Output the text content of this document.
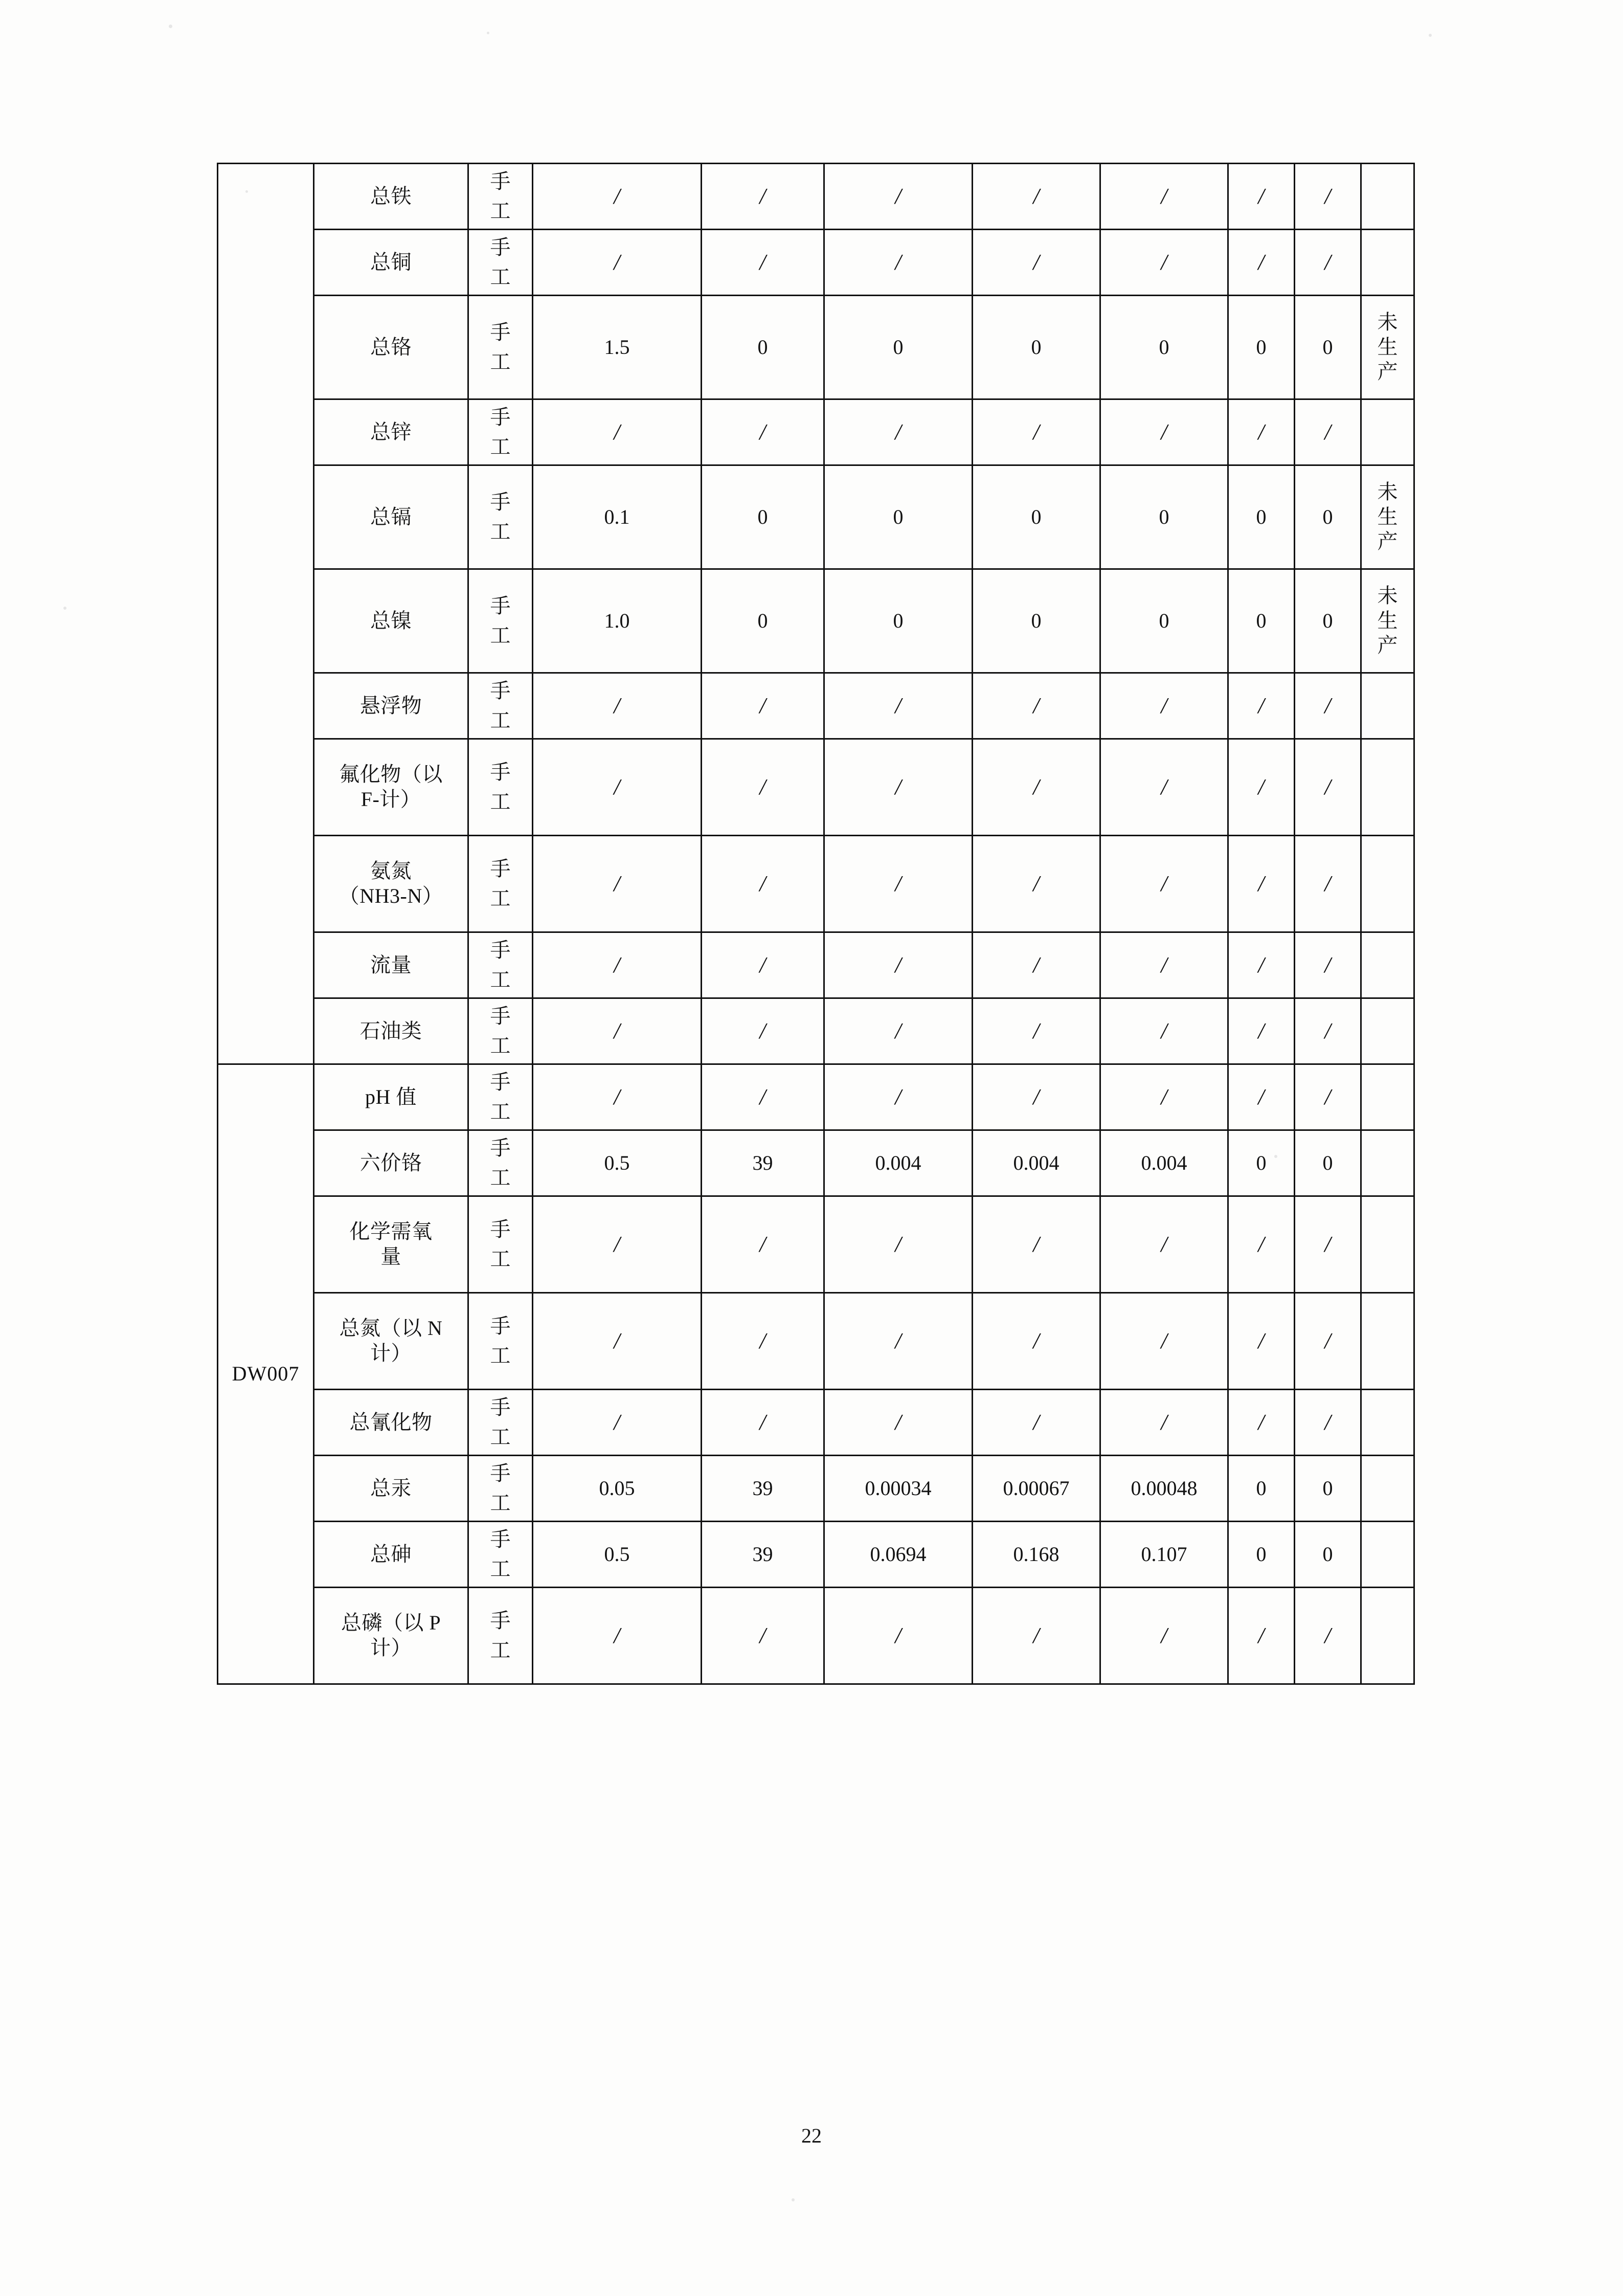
	总铁	手
工	/	/	/	/	/	/	/	

	总铜	手
工	/	/	/	/	/	/	/	

	总铬	手
工	1.5	0	0	0	0	0	0	未
生
产

	总锌	手
工	/	/	/	/	/	/	/	

	总镉	手
工	0.1	0	0	0	0	0	0	未
生
产

	总镍	手
工	1.0	0	0	0	0	0	0	未
生
产

	悬浮物	手
工	/	/	/	/	/	/	/	

	氟化物（以
F-计）	手
工	/	/	/	/	/	/	/	

	氨氮
（NH3-N）	手
工	/	/	/	/	/	/	/	

	流量	手
工	/	/	/	/	/	/	/	

	石油类	手
工	/	/	/	/	/	/	/	
DW007	pH 值	手
工	/	/	/	/	/	/	/	

	六价铬	手
工	0.5	39	0.004	0.004	0.004	0	0	

	化学需氧
量	手
工	/	/	/	/	/	/	/	

	总氮（以 N
计）	手
工	/	/	/	/	/	/	/	

	总氰化物	手
工	/	/	/	/	/	/	/	

	总汞	手
工	0.05	39	0.00034	0.00067	0.00048	0	0	

	总砷	手
工	0.5	39	0.0694	0.168	0.107	0	0	

	总磷（以 P
计）	手
工	/	/	/	/	/	/	/	
22
